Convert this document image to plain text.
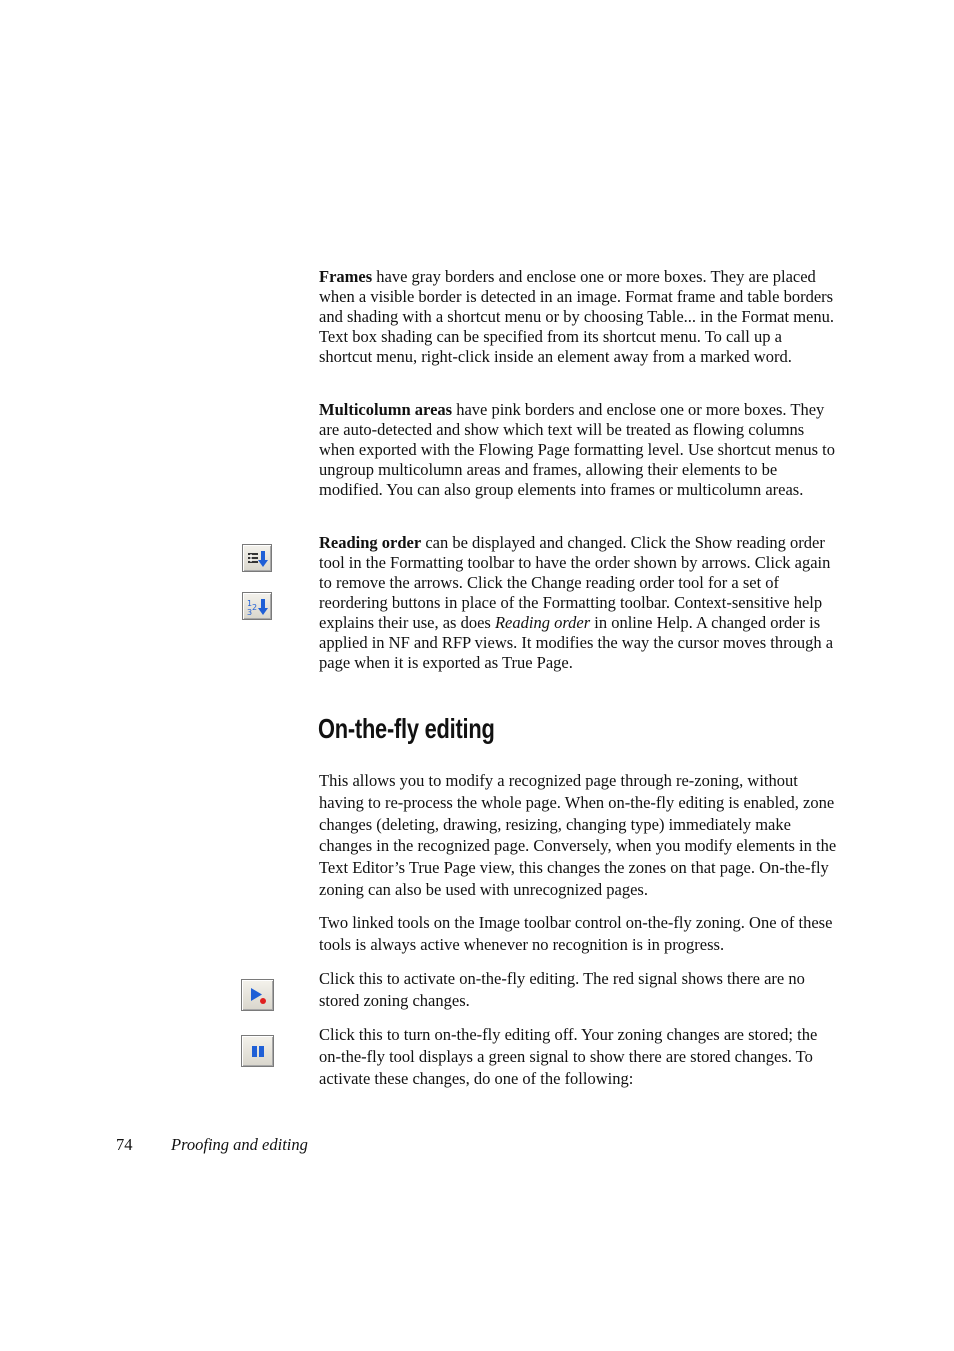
Frames have gray borders and enclose one or more boxes. They are placed when a visible border is detected in an image. Format frame and table borders and shading with a shortcut menu or by choosing Table... in the Format menu. Text box shading can be specified from its shortcut menu. To call up a shortcut menu, right-click inside an element away from a marked word.

Multicolumn areas have pink borders and enclose one or more boxes. They are auto-detected and show which text will be treated as flowing columns when exported with the Flowing Page formatting level. Use shortcut menus to ungroup multicolumn areas and frames, allowing their elements to be modified. You can also group elements into frames or multicolumn areas.

1 2
3

Reading order can be displayed and changed. Click the Show reading order tool in the Formatting toolbar to have the order shown by arrows. Click again to remove the arrows. Click the Change reading order tool for a set of reordering buttons in place of the Formatting toolbar. Context-sensitive help explains their use, as does Reading order in online Help. A changed order is applied in NF and RFP views. It modifies the way the cursor moves through a page when it is exported as True Page.

On-the-fly editing

This allows you to modify a recognized page through re-zoning, without having to re-process the whole page. When on-the-fly editing is enabled, zone changes (deleting, drawing, resizing, changing type) immediately make changes in the recognized page. Conversely, when you modify elements in the Text Editor’s True Page view, this changes the zones on that page. On-the-fly zoning can also be used with unrecognized pages.

Two linked tools on the Image toolbar control on-the-fly zoning. One of these tools is always active whenever no recognition is in progress.

Click this to activate on-the-fly editing. The red signal shows there are no stored zoning changes.

Click this to turn on-the-fly editing off. Your zoning changes are stored; the on-the-fly tool displays a green signal to show there are stored changes. To activate these changes, do one of the following:

74 Proofing and editing
